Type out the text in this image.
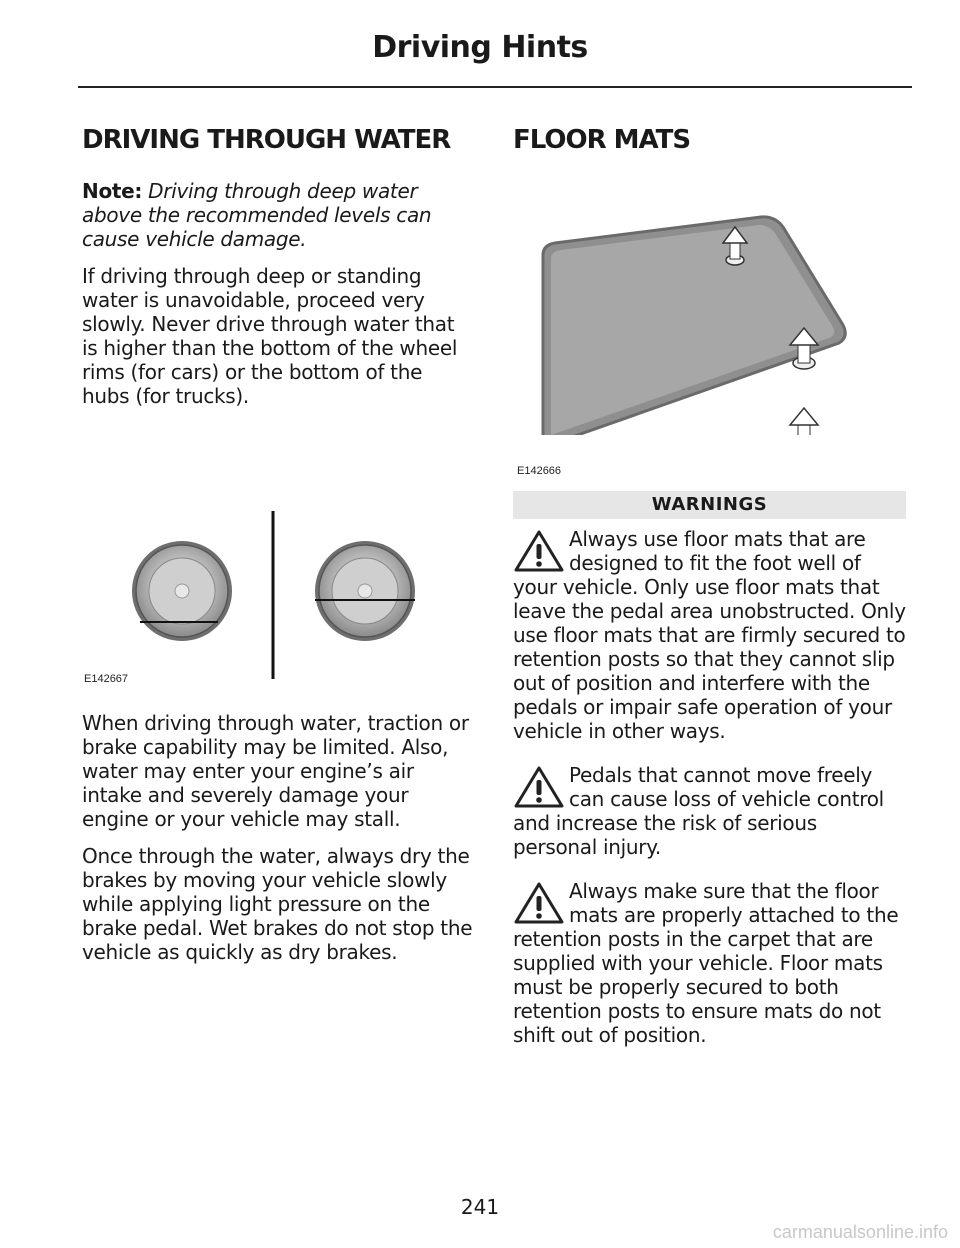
Driving Hints
DRIVING THROUGH WATER

Note: Driving through deep water above the recommended levels can cause vehicle damage.

If driving through deep or standing water is unavoidable, proceed very slowly. Never drive through water that is higher than the bottom of the wheel rims (for cars) or the bottom of the hubs (for trucks).

E142667

When driving through water, traction or brake capability may be limited. Also, water may enter your engine’s air intake and severely damage your engine or your vehicle may stall.

Once through the water, always dry the brakes by moving your vehicle slowly while applying light pressure on the brake pedal. Wet brakes do not stop the vehicle as quickly as dry brakes.

FLOOR MATS
E142666
WARNINGS
Always use floor mats that are designed to fit the foot well of your vehicle. Only use floor mats that leave the pedal area unobstructed. Only use floor mats that are firmly secured to retention posts so that they cannot slip out of position and interfere with the pedals or impair safe operation of your vehicle in other ways.
Pedals that cannot move freely can cause loss of vehicle control and increase the risk of serious personal injury.
Always make sure that the floor mats are properly attached to the retention posts in the carpet that are supplied with your vehicle. Floor mats must be properly secured to both retention posts to ensure mats do not shift out of position.
241
carmanualsonline.info
